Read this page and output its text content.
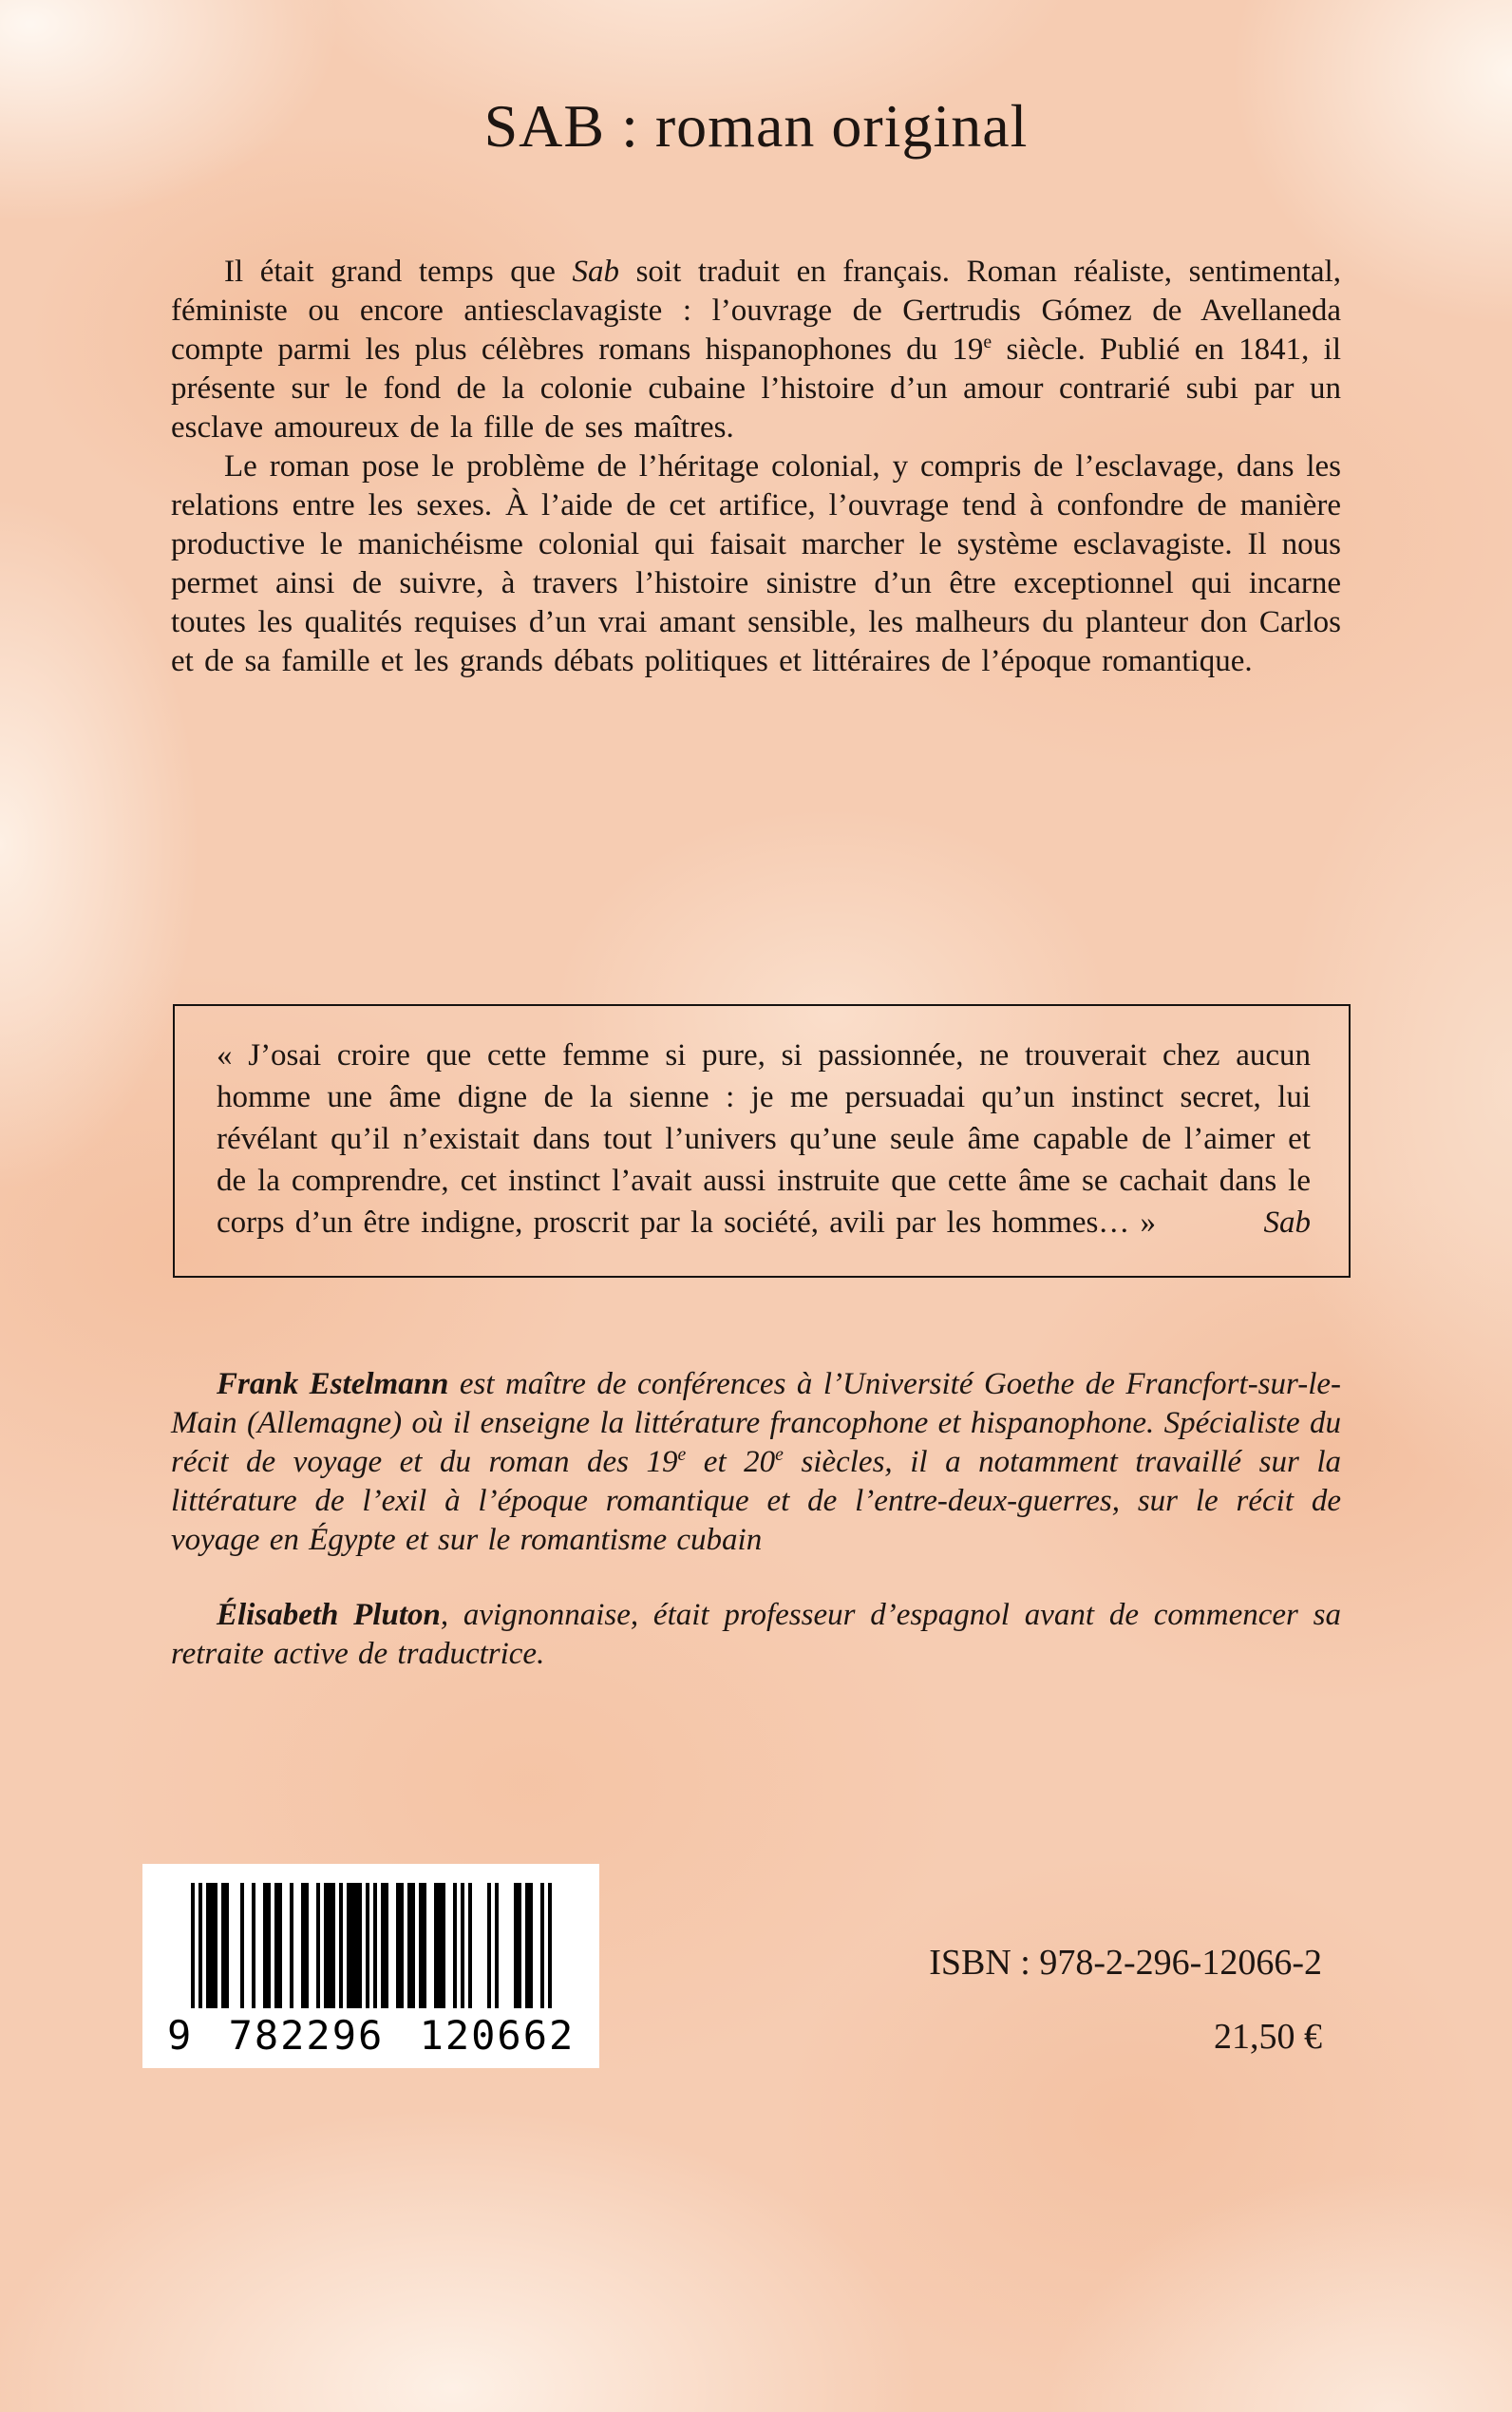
SAB : roman original

Il était grand temps que Sab soit traduit en français. Roman réaliste, sentimental, féministe ou encore antiesclavagiste : l’ouvrage de Gertrudis Gómez de Avellaneda compte parmi les plus célèbres romans hispanophones du 19e siècle. Publié en 1841, il présente sur le fond de la colonie cubaine l’histoire d’un amour contrarié subi par un esclave amoureux de la fille de ses maîtres.

Le roman pose le problème de l’héritage colonial, y compris de l’esclavage, dans les relations entre les sexes. À l’aide de cet artifice, l’ouvrage tend à confondre de manière productive le manichéisme colonial qui faisait marcher le système esclavagiste. Il nous permet ainsi de suivre, à travers l’histoire sinistre d’un être exceptionnel qui incarne toutes les qualités requises d’un vrai amant sensible, les malheurs du planteur don Carlos et de sa famille et les grands débats politiques et littéraires de l’époque romantique.

« J’osai croire que cette femme si pure, si passionnée, ne trouverait chez aucun homme une âme digne de la sienne : je me persuadai qu’un instinct secret, lui révélant qu’il n’existait dans tout l’univers qu’une seule âme capable de l’aimer et de la comprendre, cet instinct l’avait aussi instruite que cette âme se cachait dans le corps d’un être indigne, proscrit par la société, avili par les hommes… »	Sab

Frank Estelmann est maître de conférences à l’Université Goethe de Francfort-sur-le-Main (Allemagne) où il enseigne la littérature francophone et hispanophone. Spécialiste du récit de voyage et du roman des 19e et 20e siècles, il a notamment travaillé sur la littérature de l’exil à l’époque romantique et de l’entre-deux-guerres, sur le récit de voyage en Égypte et sur le romantisme cubain

Élisabeth Pluton, avignonnaise, était professeur d’espagnol avant de commencer sa retraite active de traductrice.

9 782296 120662
ISBN : 978-2-296-12066-2
21,50 €
